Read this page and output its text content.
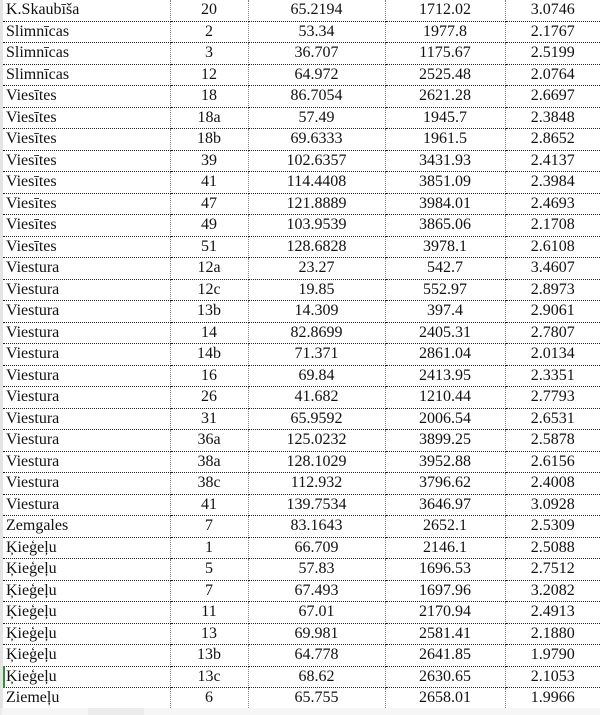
K.Skaubīša	20	65.2194	1712.02	3.0746
Slimnīcas	2	53.34	1977.8	2.1767
Slimnīcas	3	36.707	1175.67	2.5199
Slimnīcas	12	64.972	2525.48	2.0764
Viesītes	18	86.7054	2621.28	2.6697
Viesītes	18a	57.49	1945.7	2.3848
Viesītes	18b	69.6333	1961.5	2.8652
Viesītes	39	102.6357	3431.93	2.4137
Viesītes	41	114.4408	3851.09	2.3984
Viesītes	47	121.8889	3984.01	2.4693
Viesītes	49	103.9539	3865.06	2.1708
Viesītes	51	128.6828	3978.1	2.6108
Viestura	12a	23.27	542.7	3.4607
Viestura	12c	19.85	552.97	2.8973
Viestura	13b	14.309	397.4	2.9061
Viestura	14	82.8699	2405.31	2.7807
Viestura	14b	71.371	2861.04	2.0134
Viestura	16	69.84	2413.95	2.3351
Viestura	26	41.682	1210.44	2.7793
Viestura	31	65.9592	2006.54	2.6531
Viestura	36a	125.0232	3899.25	2.5878
Viestura	38a	128.1029	3952.88	2.6156
Viestura	38c	112.932	3796.62	2.4008
Viestura	41	139.7534	3646.97	3.0928
Zemgales	7	83.1643	2652.1	2.5309
Ķieģeļu	1	66.709	2146.1	2.5088
Ķieģeļu	5	57.83	1696.53	2.7512
Ķieģeļu	7	67.493	1697.96	3.2082
Ķieģeļu	11	67.01	2170.94	2.4913
Ķieģeļu	13	69.981	2581.41	2.1880
Ķieģeļu	13b	64.778	2641.85	1.9790
Ķieģeļu	13c	68.62	2630.65	2.1053
Ziemeļu	6	65.755	2658.01	1.9966
